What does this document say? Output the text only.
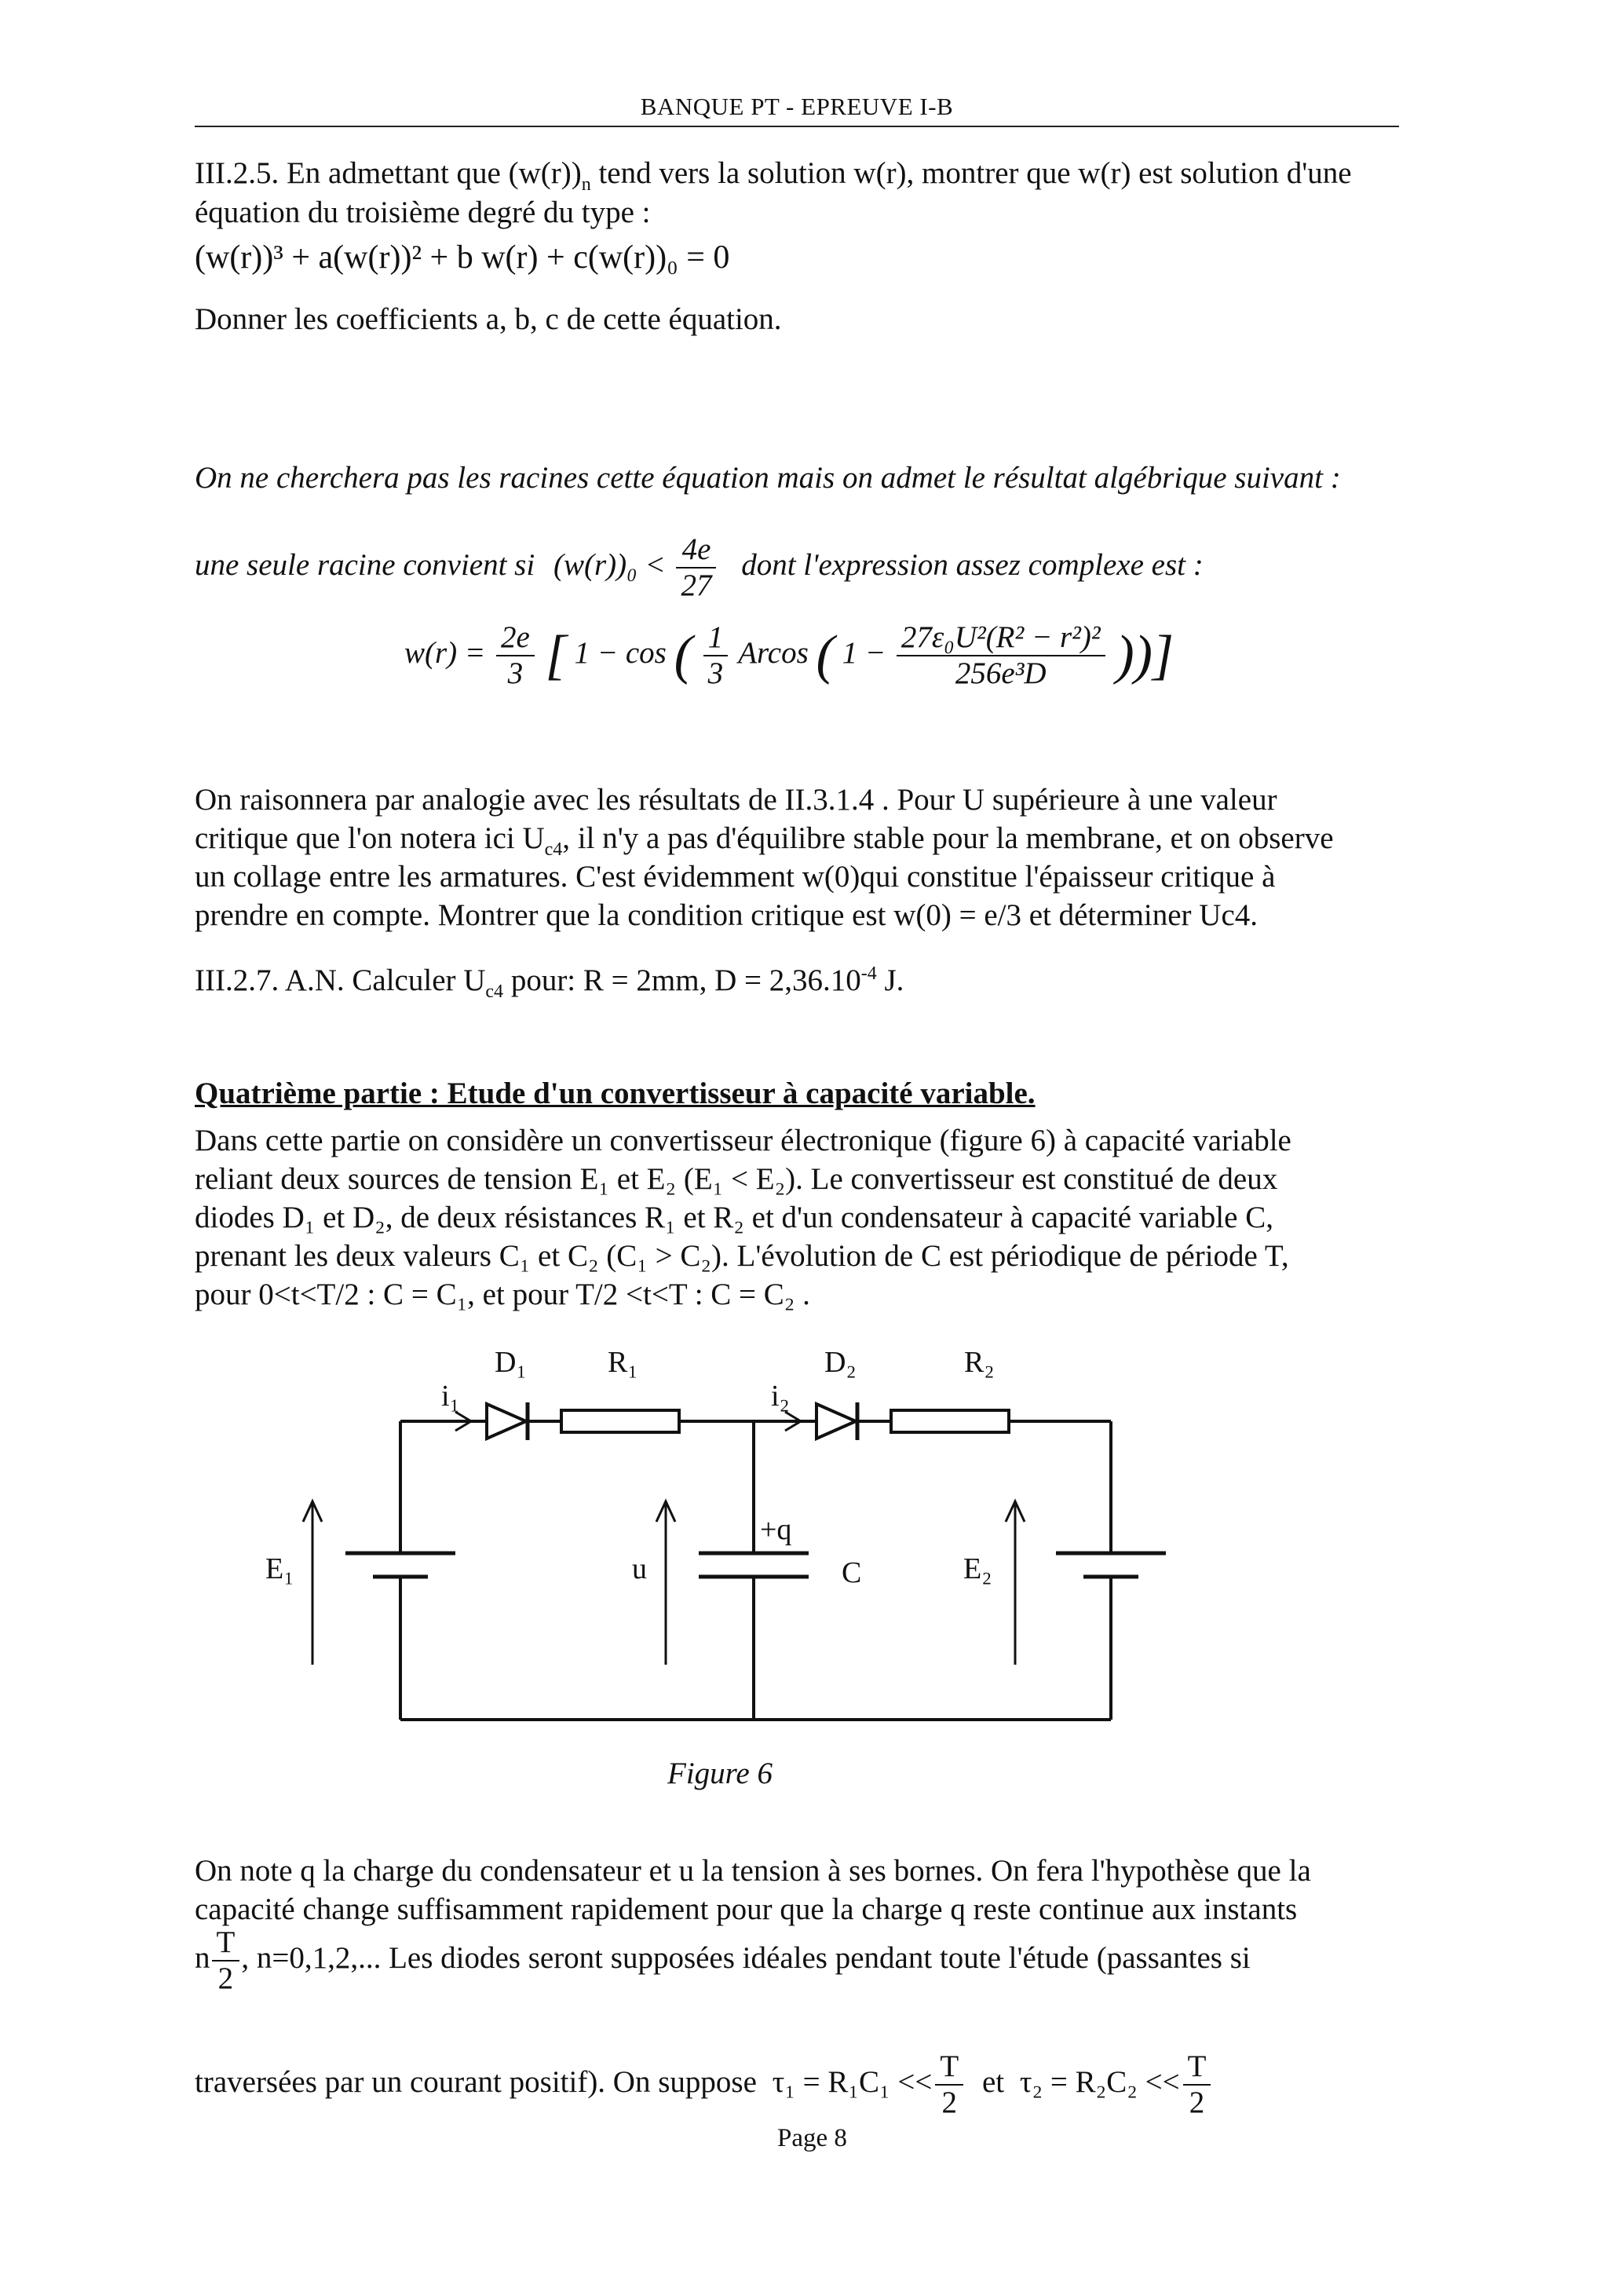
BANQUE PT - EPREUVE I-B

III.2.5. En admettant que $(w(r))_n$ tend vers la solution w(r), montrer que w(r) est solution d'une

équation du troisième degré du type :

(w(r))³ + a(w(r))² + b w(r) + c(w(r))₀ = 0

Donner les coefficients a, b, c de cette équation.

On ne cherchera pas les racines cette équation mais on admet le résultat algébrique suivant :

une seule racine convient si $(w(r))_0 < \frac{4e}{27}$ dont l'expression assez complexe est :
$w(r) = \frac{2e}{3}$ [ 1 − cos ( $\frac{1}{3}$ Arcos ( $1 - \frac{\text{27ε₀U²(R² − r²)²}}{\text{256e³D}}$ ))]

On raisonnera par analogie avec les résultats de II.3.1.4 . Pour U supérieure à une valeur

critique que l'on notera ici $U_{c4}$, il n'y a pas d'équilibre stable pour la membrane, et on observe

un collage entre les armatures. C'est évidemment w(0)qui constitue l'épaisseur critique à

prendre en compte. Montrer que la condition critique est w(0) = e/3 et déterminer Uc4.

III.2.7. A.N. Calculer $U_{c4}$ pour: R = 2mm, $D = 2,36.10^{-4}$ J.

Quatrième partie : Etude d'un convertisseur à capacité variable.

Dans cette partie on considère un convertisseur électronique (figure 6) à capacité variable

reliant deux sources de tension E₁ et E₂ (E₁ < E₂). Le convertisseur est constitué de deux

diodes D₁ et D₂, de deux résistances R₁ et R₂ et d'un condensateur à capacité variable C,

prenant les deux valeurs C₁ et C₂ (C₁ > C₂). L'évolution de C est périodique de période T,

pour 0<t<T/2 : C = C₁, et pour T/2 <t<T : C = C₂ .

D₁	R₁	D₂	R₂
i₁	i₂
E₁	u
+q
C	E₂
Figure 6

On note q la charge du condensateur et u la tension à ses bornes. On fera l'hypothèse que la

capacité change suffisamment rapidement pour que la charge q reste continue aux instants

n $\frac{T}{2}$ , n=0,1,2,... Les diodes seront supposées idéales pendant toute l'étude (passantes si
traversées par un courant positif). On suppose $\tau_1 = R_1C_1 << \frac{T}{2}$ et $\tau_2 = R_2C_2 << \frac{T}{2}$
Page 8
